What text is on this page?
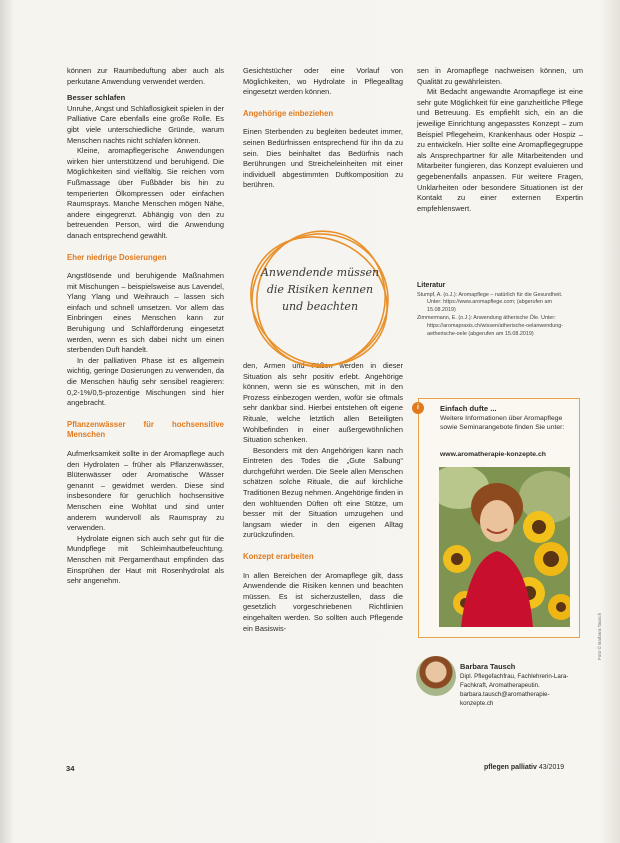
können zur Raumbeduftung aber auch als perkutane Anwendung verwendet werden.

Besser schlafen

Unruhe, Angst und Schlaflosigkeit spielen in der Palliative Care ebenfalls eine große Rolle. Es gibt viele unterschiedliche Gründe, warum Menschen nachts nicht schlafen können.

Kleine, aromapflegerische Anwendungen wirken hier unterstützend und beruhigend. Die Möglichkeiten sind vielfältig. Sie reichen vom Fußmassage über Fußbäder bis hin zu temperierten Ölkompressen oder einfachen Raumsprays. Manche Menschen mögen Nähe, andere eingegrenzt. Abhängig von den zu betreuenden Person, wird die Anwendung danach entsprechend gewählt.

Eher niedrige Dosierungen

Angstlösende und beruhigende Maßnahmen mit Mischungen – beispielsweise aus Lavendel, Ylang Ylang und Weihrauch – lassen sich einfach und schnell umsetzen. Vor allem das Einbringen eines Menschen kann zur Beruhigung und Schlafförderung eingesetzt werden, wenn es sich dabei nicht um einen sterbenden Duft handelt.

In der palliativen Phase ist es allgemein wichtig, geringe Dosierungen zu verwenden, da die Menschen häufig sehr sensibel reagieren: 0,2-1%/0,5-prozentige Mischungen sind hier angebracht.

Pflanzenwässer für hochsensitive Menschen

Aufmerksamkeit sollte in der Aromapflege auch den Hydrolaten – früher als Pflanzenwässer, Blütenwässer oder Aromatische Wässer genannt – gewidmet werden. Diese sind insbesondere für geruchlich hochsensitive Menschen eine Wohltat und sind unter anderem wundervoll als Raumspray zu verwenden.

Hydrolate eignen sich auch sehr gut für die Mundpflege mit Schleimhautbefeuchtung. Menschen mit Pergamenthaut empfinden das Einsprühen der Haut mit Rosenhydrolat als sehr angenehm.

Gesichtstücher oder eine Vorlauf von Möglichkeiten, wo Hydrolate in Pflegealltag eingesetzt werden können.

Angehörige einbeziehen

Einen Sterbenden zu begleiten bedeutet immer, seinen Bedürfnissen entsprechend für ihn da zu sein. Dies beinhaltet das Bedürfnis nach Berührungen und Streicheleinheiten mit einer individuell abgestimmten Duftkomposition zu berühren.

den, Armen und Füßen werden in dieser Situation als sehr positiv erlebt. Angehörige können, wenn sie es wünschen, mit in den Prozess einbezogen werden, wofür sie oftmals sehr dankbar sind. Hierbei entstehen oft eigene Rituale, welche letztlich allen Beteiligten Wohlbefinden in einer außergewöhnlichen Situation schenken.

Besonders mit den Angehörigen kann nach Eintreten des Todes die „Gute Salbung“ durchgeführt werden. Die Seele allen Menschen schätzen solche Rituale, die auf kirchliche Traditionen Bezug nehmen. Angehörige finden in den wohltuenden Düften oft eine Stütze, um besser mit der Situation umzugehen und langsam wieder in den eigenen Alltag zurückzufinden.

Konzept erarbeiten

In allen Bereichen der Aromapflege gilt, dass Anwendende die Risiken kennen und beachten müssen. Es ist sicherzustellen, dass die gesetzlich vorgeschriebenen Richtlinien eingehalten werden. So sollten auch Pflegende ein Basiswis-

Anwendende müssen die Risiken kennen und beachten

sen in Aromapflege nachweisen können, um Qualität zu gewährleisten.

Mit Bedacht angewandte Aromapflege ist eine sehr gute Möglichkeit für eine ganzheitliche Pflege und Betreuung. Es empfiehlt sich, ein an die jeweilige Einrichtung angepasstes Konzept – zum Beispiel Pflegeheim, Krankenhaus oder Hospiz – zu entwickeln. Hier sollte eine Aromapflegegruppe als Ansprechpartner für alle Mitarbeitenden und Mitarbeiter fungieren, das Konzept evaluieren und gegebenenfalls anpassen. Für weitere Fragen, Unklarheiten oder besondere Situationen ist der Kontakt zu einer externen Expertin empfehlenswert.

Literatur
Stumpf, A. (o.J.): Aromapflege – natürlich für die Gesundheit. Unter: https://www.aromapflege.com; (abgerufen am 15.08.2019)
Zimmermann, E. (o.J.): Anwendung ätherische Öle. Unter: https://aromapraxis.ch/wissen/atherische-oelanwendung-aetherische-oele (abgerufen am 15.08.2019)
i	Einfach dufte ...
Weitere Informationen über Aromapflege sowie Seminarangebote finden Sie unter:
www.aromatherapie-konzepte.ch
Barbara Tausch
Dipl. Pflegefachfrau, Fachlehrerin-Lara-Fachkraft, Aromatherapeutin. barbara.tausch@aromatherapie-konzepte.ch
Foto © Barbara Tausch
34	pflegen palliativ 43/2019
